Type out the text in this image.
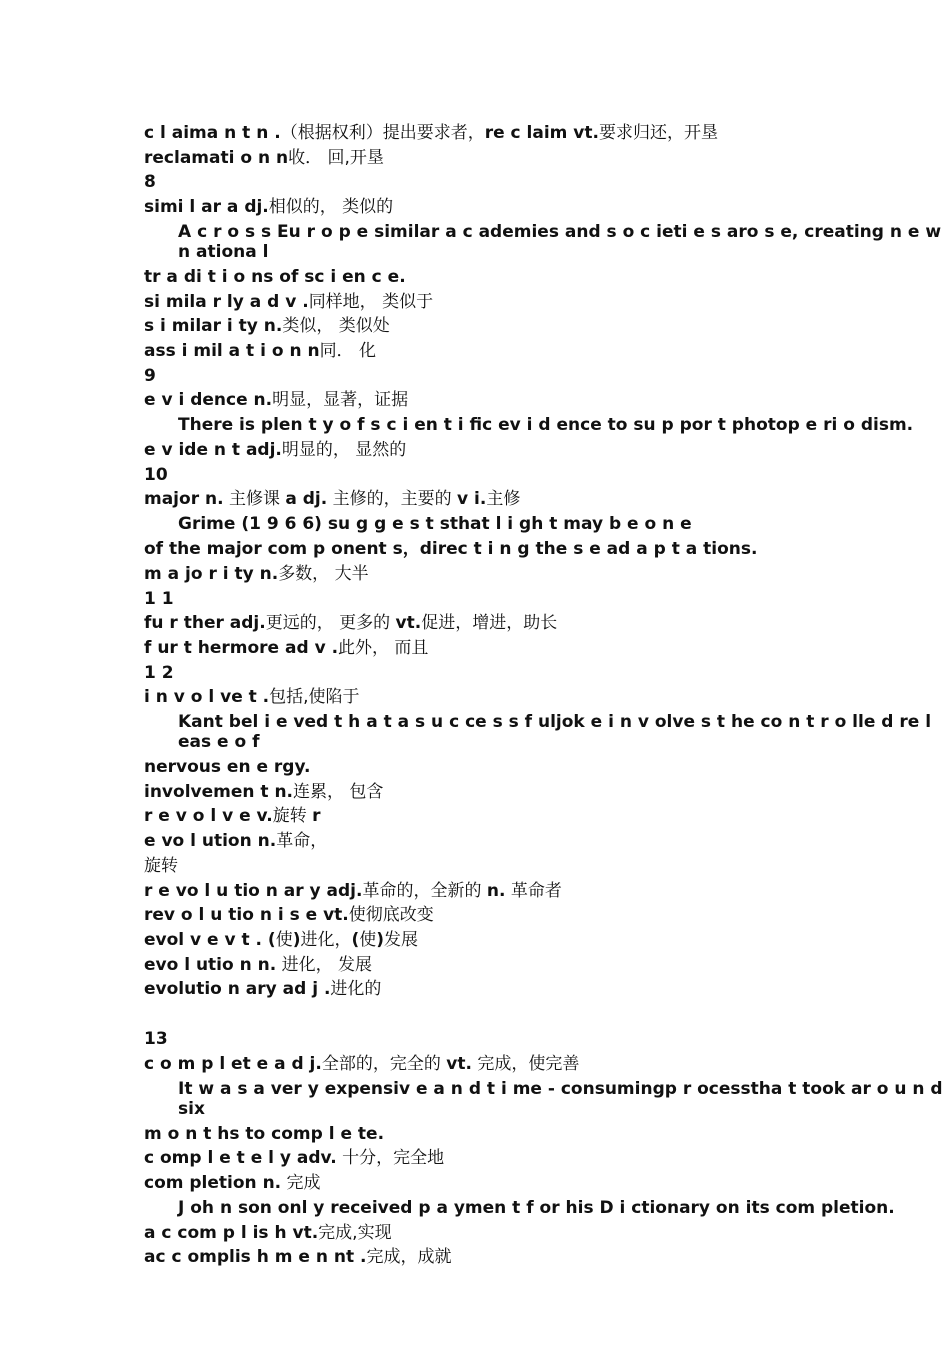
c l aima n t n .（根据权利）提出要求者，re c laim vt.要求归还，开垦
reclamati o n n收． 回,开垦
8
simi l ar a dj.相似的， 类似的
A c r o s s Eu r o p e similar a c ademies and s o c ieti e s aro s e, creating n e w n ationa l
tr a di t i o ns of sc i en c e.
si mila r ly a d v .同样地， 类似于
s i milar i ty n.类似， 类似处
ass i mil a t i o n n同． 化
9
e v i dence n.明显，显著，证据
There is plen t y o f s c i en t i fic ev i d ence to su p por t photop e ri o dism.
e v ide n t adj.明显的， 显然的
10
major n. 主修课 a dj. 主修的，主要的 v i.主修
Grime (1 9 6 6) su g g e s t sthat l i gh t may b e o n e
of the major com p onent s，direc t i n g the s e ad a p t a tions.
m a jo r i ty n.多数， 大半
1 1
fu r ther adj.更远的， 更多的 vt.促进，增进，助长
f ur t hermore ad v .此外， 而且
1 2
i n v o l ve t .包括,使陷于
Kant bel i e ved t h a t a s u c ce s s f uljok e i n v olve s t he co n t r o lle d re l eas e o f
nervous en e rgy.
involvemen t n.连累， 包含
r e v o l v e v.旋转 r
e vo l ution n.革命，
旋转
r e vo l u tio n ar y adj.革命的，全新的 n. 革命者
rev o l u tio n i s e vt.使彻底改变
evol v e v t . (使)进化，(使)发展
evo l utio n n. 进化， 发展
evolutio n ary ad j .进化的
13
c o m p l et e a d j.全部的，完全的 vt. 完成，使完善
It w a s a ver y expensiv e a n d t i me - consumingp r ocesstha t took ar o u n d six
m o n t hs to comp l e te.
c omp l e t e l y adv. 十分，完全地
com pletion n. 完成
J oh n son onl y received p a ymen t f or his D i ctionary on its com pletion.
a c com p l is h vt.完成,实现
ac c omplis h m e n nt .完成，成就
